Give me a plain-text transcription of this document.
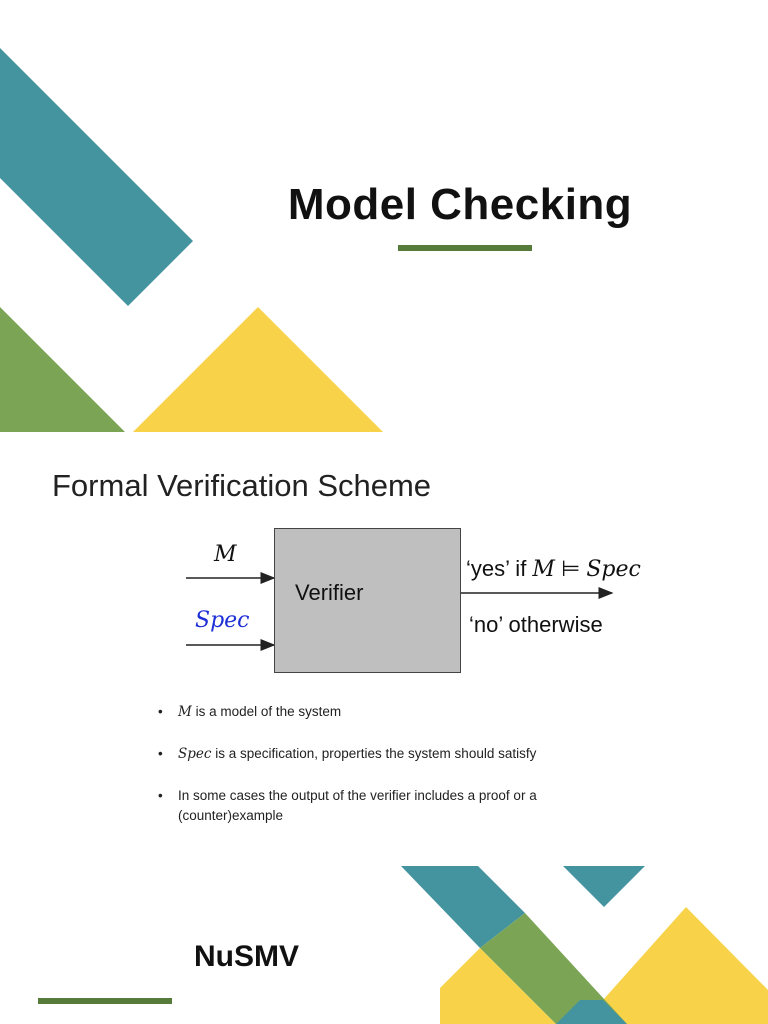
Model Checking
Formal Verification Scheme
Verifier
M
Spec
‘yes’ if M ⊨ Spec
‘no’ otherwise
• M is a model of the system
• Spec is a specification, properties the system should satisfy
• In some cases the output of the verifier includes a proof or a (counter)example
NuSMV
